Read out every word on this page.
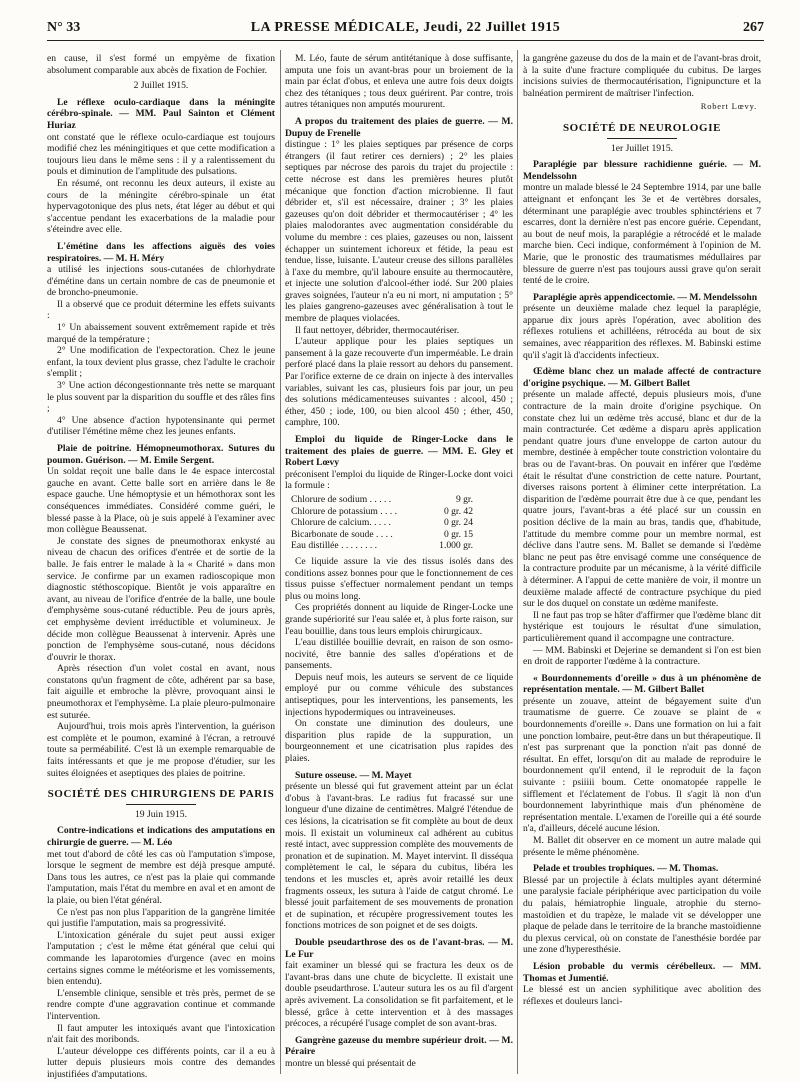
N° 33	LA PRESSE MÉDICALE, Jeudi, 22 Juillet 1915	267

en cause, il s'est formé un empyème de fixation absolument comparable aux abcès de fixation de Fochier.

2 Juillet 1915.

Le réflexe oculo-cardiaque dans la méningite cérébro-spinale. — MM. Paul Sainton et Clément Huriaz

ont constaté que le réflexe oculo-cardiaque est toujours modifié chez les méningitiques et que cette modification a toujours lieu dans le même sens : il y a ralentissement du pouls et diminution de l'amplitude des pulsations.

En résumé, ont reconnu les deux auteurs, il existe au cours de la méningite cérébro-spinale un état hypervagotonique des plus nets, état léger au début et qui s'accentue pendant les exacerbations de la maladie pour s'éteindre avec elle.

L'émétine dans les affections aiguës des voies respiratoires. — M. H. Méry

a utilisé les injections sous-cutanées de chlorhydrate d'émétine dans un certain nombre de cas de pneumonie et de broncho-pneumonie.

Il a observé que ce produit détermine les effets suivants :

1° Un abaissement souvent extrêmement rapide et très marqué de la température ;

2° Une modification de l'expectoration. Chez le jeune enfant, la toux devient plus grasse, chez l'adulte le crachoir s'emplit ;

3° Une action décongestionnante très nette se marquant le plus souvent par la disparition du souffle et des râles fins ;

4° Une absence d'action hypotensinante qui permet d'utiliser l'émétine même chez les jeunes enfants.

Plaie de poitrine. Hémopneumothorax. Sutures du poumon. Guérison. — M. Emile Sergent.

Un soldat reçoit une balle dans le 4e espace intercostal gauche en avant. Cette balle sort en arrière dans le 8e espace gauche. Une hémoptysie et un hémothorax sont les conséquences immédiates. Considéré comme guéri, le blessé passe à la Place, où je suis appelé à l'examiner avec mon collègue Beaussenat.

Je constate des signes de pneumothorax enkysté au niveau de chacun des orifices d'entrée et de sortie de la balle. Je fais entrer le malade à la « Charité » dans mon service. Je confirme par un examen radioscopique mon diagnostic stéthoscopique. Bientôt je vois apparaître en avant, au niveau de l'orifice d'entrée de la balle, une boule d'emphysème sous-cutané réductible. Peu de jours après, cet emphysème devient irréductible et volumineux. Je décide mon collègue Beaussenat à intervenir. Après une ponction de l'emphysème sous-cutané, nous décidons d'ouvrir le thorax.

Après résection d'un volet costal en avant, nous constatons qu'un fragment de côte, adhérent par sa base, fait aiguille et embroche la plèvre, provoquant ainsi le pneumothorax et l'emphysème. La plaie pleuro-pulmonaire est suturée.

Aujourd'hui, trois mois après l'intervention, la guérison est complète et le poumon, examiné à l'écran, a retrouvé toute sa perméabilité. C'est là un exemple remarquable de faits intéressants et que je me propose d'étudier, sur les suites éloignées et aseptiques des plaies de poitrine.

SOCIÉTÉ DES CHIRURGIENS DE PARIS

19 Juin 1915.

Contre-indications et indications des amputations en chirurgie de guerre. — M. Léo

met tout d'abord de côté les cas où l'amputation s'impose, lorsque le segment de membre est déjà presque amputé. Dans tous les autres, ce n'est pas la plaie qui commande l'amputation, mais l'état du membre en aval et en amont de la plaie, ou bien l'état général.

Ce n'est pas non plus l'apparition de la gangrène limitée qui justifie l'amputation, mais sa progressivité.

L'intoxication générale du sujet peut aussi exiger l'amputation ; c'est le même état général que celui qui commande les laparotomies d'urgence (avec en moins certains signes comme le météorisme et les vomissements, bien entendu).

L'ensemble clinique, sensible et très près, permet de se rendre compte d'une aggravation continue et commande l'intervention.

Il faut amputer les intoxiqués avant que l'intoxication n'ait fait des moribonds.

L'auteur développe ces différents points, car il a eu à lutter depuis plusieurs mois contre des demandes injustifiées d'amputations.

M. Léo, faute de sérum antitétanique à dose suffisante, amputa une fois un avant-bras pour un broiement de la main par éclat d'obus, et enleva une autre fois deux doigts chez des tétaniques ; tous deux guérirent. Par contre, trois autres tétaniques non amputés moururent.

A propos du traitement des plaies de guerre. — M. Dupuy de Frenelle

distingue : 1° les plaies septiques par présence de corps étrangers (il faut retirer ces derniers) ; 2° les plaies septiques par nécrose des parois du trajet du projectile : cette nécrose est dans les premières heures plutôt mécanique que fonction d'action microbienne. Il faut débrider et, s'il est nécessaire, drainer ; 3° les plaies gazeuses qu'on doit débrider et thermocautériser ; 4° les plaies malodorantes avec augmentation considérable du volume du membre : ces plaies, gazeuses ou non, laissent échapper un suintement ichoreux et fétide, la peau est tendue, lisse, luisante. L'auteur creuse des sillons parallèles à l'axe du membre, qu'il laboure ensuite au thermocautère, et injecte une solution d'alcool-éther iodé. Sur 200 plaies graves soignées, l'auteur n'a eu ni mort, ni amputation ; 5° les plaies gangreno-gazeuses avec généralisation à tout le membre de plaques violacées.

Il faut nettoyer, débrider, thermocautériser.

L'auteur applique pour les plaies septiques un pansement à la gaze recouverte d'un imperméable. Le drain perforé placé dans la plaie ressort au dehors du pansement. Par l'orifice externe de ce drain on injecte à des intervalles variables, suivant les cas, plusieurs fois par jour, un peu des solutions médicamenteuses suivantes : alcool, 450 ; éther, 450 ; iode, 100, ou bien alcool 450 ; éther, 450, camphre, 100.

Emploi du liquide de Ringer-Locke dans le traitement des plaies de guerre. — MM. E. Gley et Robert Lœvy

préconisent l'emploi du liquide de Ringer-Locke dont voici la formule :

Chlorure de sodium . . . . .	9 gr.
Chlorure de potassium . . . .	0 gr. 42
Chlorure de calcium. . . . .	0 gr. 24
Bicarbonate de soude . . . .	0 gr. 15
Eau distillée . . . . . . . .	1.000 gr.

Ce liquide assure la vie des tissus isolés dans des conditions assez bonnes pour que le fonctionnement de ces tissus puisse s'effectuer normalement pendant un temps plus ou moins long.

Ces propriétés donnent au liquide de Ringer-Locke une grande supériorité sur l'eau salée et, à plus forte raison, sur l'eau bouillie, dans tous leurs emplois chirurgicaux.

L'eau distillée bouillie devrait, en raison de son osmo-nocivité, être bannie des salles d'opérations et de pansements.

Depuis neuf mois, les auteurs se servent de ce liquide employé pur ou comme véhicule des substances antiseptiques, pour les interventions, les pansements, les injections hypodermiques ou intraveineuses.

On constate une diminution des douleurs, une disparition plus rapide de la suppuration, un bourgeonnement et une cicatrisation plus rapides des plaies.

Suture osseuse. — M. Mayet

présente un blessé qui fut gravement atteint par un éclat d'obus à l'avant-bras. Le radius fut fracassé sur une longueur d'une dizaine de centimètres. Malgré l'étendue de ces lésions, la cicatrisation se fit complète au bout de deux mois. Il existait un volumineux cal adhérent au cubitus resté intact, avec suppression complète des mouvements de pronation et de supination. M. Mayet intervint. Il disséqua complètement le cal, le sépara du cubitus, libéra les tendons et les muscles et, après avoir retaillé les deux fragments osseux, les sutura à l'aide de catgut chromé. Le blessé jouit parfaitement de ses mouvements de pronation et de supination, et récupère progressivement toutes les fonctions motrices de son poignet et de ses doigts.

Double pseudarthrose des os de l'avant-bras. — M. Le Fur

fait examiner un blessé qui se fractura les deux os de l'avant-bras dans une chute de bicyclette. Il existait une double pseudarthrose. L'auteur sutura les os au fil d'argent après avivement. La consolidation se fit parfaitement, et le blessé, grâce à cette intervention et à des massages précoces, a récupéré l'usage complet de son avant-bras.

Gangrène gazeuse du membre supérieur droit. — M. Péraire

montre un blessé qui présentait de

la gangrène gazeuse du dos de la main et de l'avant-bras droit, à la suite d'une fracture compliquée du cubitus. De larges incisions suivies de thermocautérisation, l'ignipuncture et la balnéation permirent de maîtriser l'infection.

Robert Lœvy.

SOCIÉTÉ DE NEUROLOGIE

1er Juillet 1915.

Paraplégie par blessure rachidienne guérie. — M. Mendelssohn

montre un malade blessé le 24 Septembre 1914, par une balle atteignant et enfonçant les 3e et 4e vertèbres dorsales, déterminant une paraplégie avec troubles sphinctériens et 7 escarres, dont la dernière n'est pas encore guérie. Cependant, au bout de neuf mois, la paraplégie a rétrocédé et le malade marche bien. Ceci indique, conformément à l'opinion de M. Marie, que le pronostic des traumatismes médullaires par blessure de guerre n'est pas toujours aussi grave qu'on serait tenté de le croire.

Paraplégie après appendicectomie. — M. Mendelssohn

présente un deuxième malade chez lequel la paraplégie, apparue dix jours après l'opération, avec abolition des réflexes rotuliens et achilléens, rétrocéda au bout de six semaines, avec réapparition des réflexes. M. Babinski estime qu'il s'agit là d'accidents infectieux.

Œdème blanc chez un malade affecté de contracture d'origine psychique. — M. Gilbert Ballet

présente un malade affecté, depuis plusieurs mois, d'une contracture de la main droite d'origine psychique. On constate chez lui un œdème très accusé, blanc et dur de la main contracturée. Cet œdème a disparu après application pendant quatre jours d'une enveloppe de carton autour du membre, destinée à empêcher toute constriction volontaire du bras ou de l'avant-bras. On pouvait en inférer que l'œdème était le résultat d'une constriction de cette nature. Pourtant, diverses raisons portent à éliminer cette interprétation. La disparition de l'œdème pourrait être due à ce que, pendant les quatre jours, l'avant-bras a été placé sur un coussin en position déclive de la main au bras, tandis que, d'habitude, l'attitude du membre comme pour un membre normal, est déclive dans l'autre sens. M. Ballet se demande si l'œdème blanc ne peut pas être envisagé comme une conséquence de la contracture produite par un mécanisme, à la vérité difficile à déterminer. A l'appui de cette manière de voir, il montre un deuxième malade affecté de contracture psychique du pied sur le dos duquel on constate un œdème manifeste.

Il ne faut pas trop se hâter d'affirmer que l'œdème blanc dit hystérique est toujours le résultat d'une simulation, particulièrement quand il accompagne une contracture.

— MM. Babinski et Dejerine se demandent si l'on est bien en droit de rapporter l'œdème à la contracture.

« Bourdonnements d'oreille » dus à un phénomène de représentation mentale. — M. Gilbert Ballet

présente un zouave, atteint de bégayement suite d'un traumatisme de guerre. Ce zouave se plaint de « bourdonnements d'oreille ». Dans une formation on lui a fait une ponction lombaire, peut-être dans un but thérapeutique. Il n'est pas surprenant que la ponction n'ait pas donné de résultat. En effet, lorsqu'on dit au malade de reproduire le bourdonnement qu'il entend, il le reproduit de la façon suivante : psiiiii boum. Cette onomatopée rappelle le sifflement et l'éclatement de l'obus. Il s'agit là non d'un bourdonnement labyrinthique mais d'un phénomène de représentation mentale. L'examen de l'oreille qui a été sourde n'a, d'ailleurs, décelé aucune lésion.

M. Ballet dit observer en ce moment un autre malade qui présente le même phénomène.

Pelade et troubles trophiques. — M. Thomas.

Blessé par un projectile à éclats multiples ayant déterminé une paralysie faciale périphérique avec participation du voile du palais, hémiatrophie linguale, atrophie du sterno-mastoïdien et du trapèze, le malade vit se développer une plaque de pelade dans le territoire de la branche mastoïdienne du plexus cervical, où on constate de l'anesthésie bordée par une zone d'hyperesthésie.

Lésion probable du vermis cérébelleux. — MM. Thomas et Jumentié.

Le blessé est un ancien syphilitique avec abolition des réflexes et douleurs lanci-
